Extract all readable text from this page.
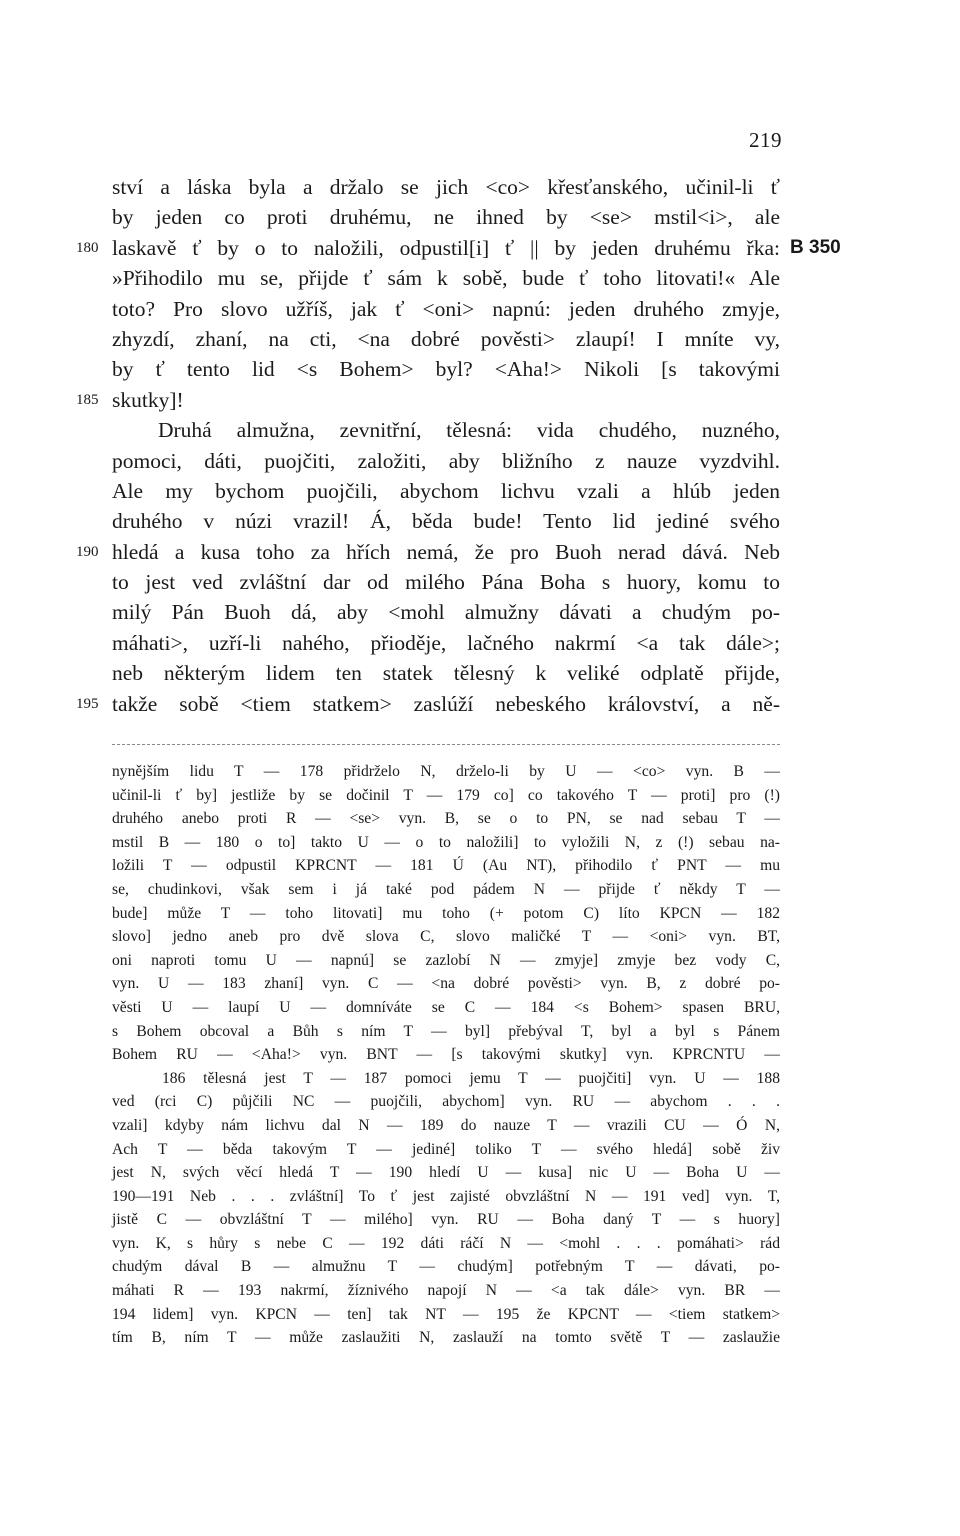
219
ství a láska byla a držalo se jich <co> křesťanského, učinil-li ť
by jeden co proti druhému, ne ihned by <se> mstil<i>, ale
180 laskavě ť by o to naložili, odpustil[i] ť || by jeden druhému řka: B 350
»Přihodilo mu se, přijde ť sám k sobě, bude ť toho litovati!« Ale
toto? Pro slovo užříš, jak ť <oni> napnú: jeden druhého zmyje,
zhyzdí, zhaní, na cti, <na dobré pověsti> zlaupí! I mníte vy,
by ť tento lid <s Bohem> byl? <Aha!> Nikoli [s takovými
185 skutky]!
Druhá almužna, zevnitřní, tělesná: vida chudého, nuzného,
pomoci, dáti, puojčiti, založiti, aby bližního z nauze vyzdvihl.
Ale my bychom puojčili, abychom lichvu vzali a hlúb jeden
druhého v núzi vrazil! Á, běda bude! Tento lid jediné svého
190 hledá a kusa toho za hřích nemá, že pro Buoh nerad dává. Neb
to jest ved zvláštní dar od milého Pána Boha s huory, komu to
milý Pán Buoh dá, aby <mohl almužny dávati a chudým po-
máhati>, uzří-li nahého, přioděje, lačného nakrmí <a tak dále>;
neb některým lidem ten statek tělesný k veliké odplatě přijde,
195 takže sobě <tiem statkem> zaslúží nebeského království, a ně-
nynějším lidu T — 178 přidrželo N, drželo-li by U — <co> vyn. B —
učinil-li ť by] jestliže by se dočinil T — 179 co] co takového T — proti] pro (!)
druhého anebo proti R — <se> vyn. B, se o to PN, se nad sebau T —
mstil B — 180 o to] takto U — o to naložili] to vyložili N, z (!) sebau na-
ložili T — odpustil KPRCNT — 181 Ú (Au NT), přihodilo ť PNT — mu
se, chudinkovi, však sem i já také pod pádem N — přijde ť někdy T —
bude] může T — toho litovati] mu toho (+ potom C) líto KPCN — 182
slovo] jedno aneb pro dvě slova C, slovo maličké T — <oni> vyn. BT,
oni naproti tomu U — napnú] se zazlobí N — zmyje] zmyje bez vody C,
vyn. U — 183 zhaní] vyn. C — <na dobré pověsti> vyn. B, z dobré po-
věsti U — laupí U — domníváte se C — 184 <s Bohem> spasen BRU,
s Bohem obcoval a Bůh s ním T — byl] přebýval T, byl a byl s Pánem
Bohem RU — <Aha!> vyn. BNT — [s takovými skutky] vyn. KPRCNTU —
186 tělesná jest T — 187 pomoci jemu T — puojčiti] vyn. U — 188
ved (rci C) půjčili NC — puojčili, abychom] vyn. RU — abychom . . .
vzali] kdyby nám lichvu dal N — 189 do nauze T — vrazili CU — Ó N,
Ach T — běda takovým T — jediné] toliko T — svého hledá] sobě živ
jest N, svých věcí hledá T — 190 hledí U — kusa] nic U — Boha U —
190—191 Neb . . . zvláštní] To ť jest zajisté obvzláštní N — 191 ved] vyn. T,
jistě C — obvzláštní T — milého] vyn. RU — Boha daný T — s huory]
vyn. K, s hůry s nebe C — 192 dáti ráčí N — <mohl . . . pomáhati> rád
chudým dával B — almužnu T — chudým] potřebným T — dávati, po-
máhati R — 193 nakrmí, žíznivého napojí N — <a tak dále> vyn. BR —
194 lidem] vyn. KPCN — ten] tak NT — 195 že KPCNT — <tiem statkem>
tím B, ním T — může zaslaužiti N, zaslauží na tomto světě T — zaslaužie
